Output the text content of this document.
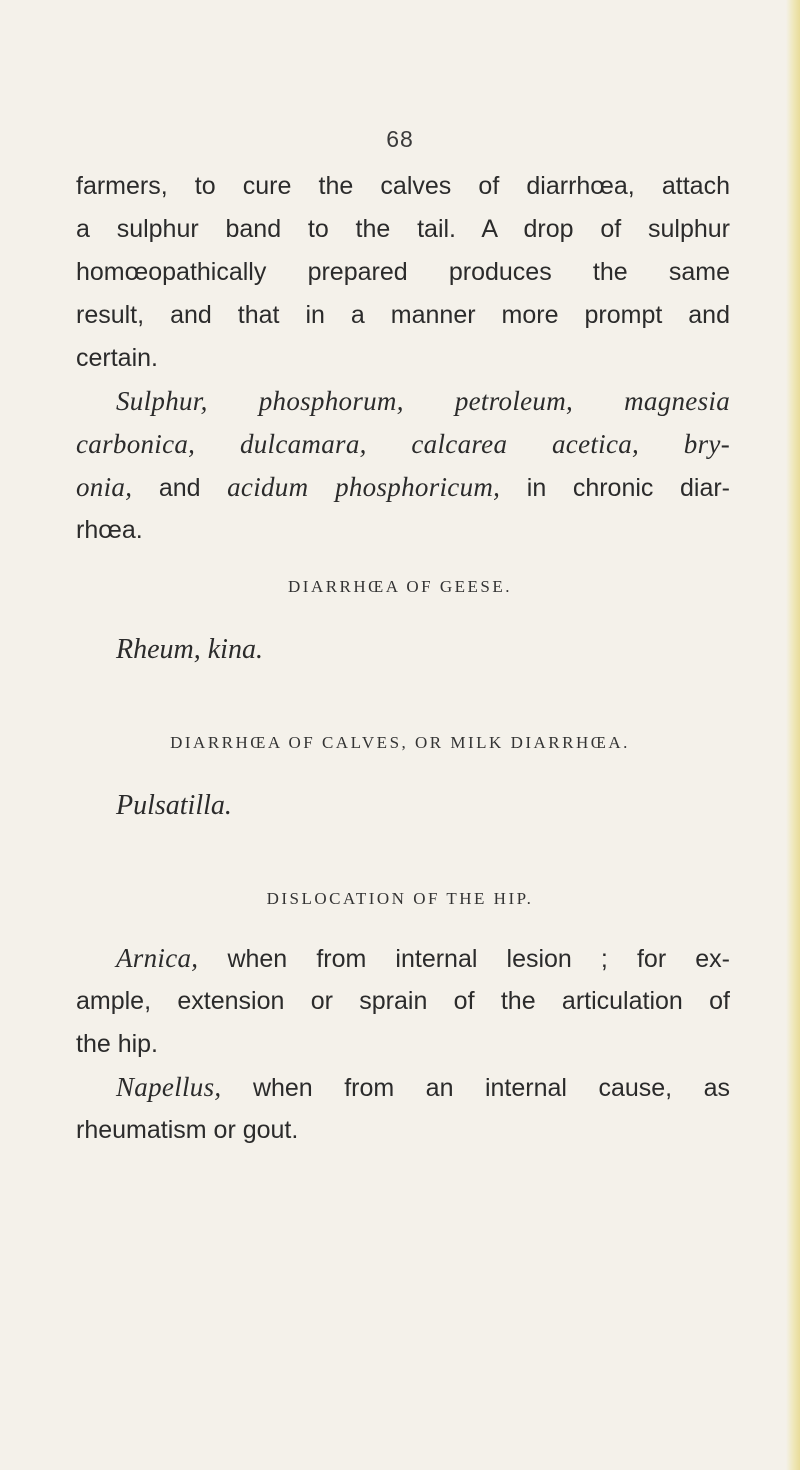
68
farmers, to cure the calves of diarrhœa, attach
a sulphur band to the tail. A drop of sulphur
homœopathically prepared produces the same
result, and that in a manner more prompt and
certain.
Sulphur, phosphorum, petroleum, magnesia
carbonica, dulcamara, calcarea acetica, bry-
onia, and acidum phosphoricum, in chronic diar-
rhœa.
DIARRHŒA OF GEESE.
Rheum, kina.
DIARRHŒA OF CALVES, OR MILK DIARRHŒA.
Pulsatilla.
DISLOCATION OF THE HIP.
Arnica, when from internal lesion ; for ex-
ample, extension or sprain of the articulation of
the hip.
Napellus, when from an internal cause, as
rheumatism or gout.
